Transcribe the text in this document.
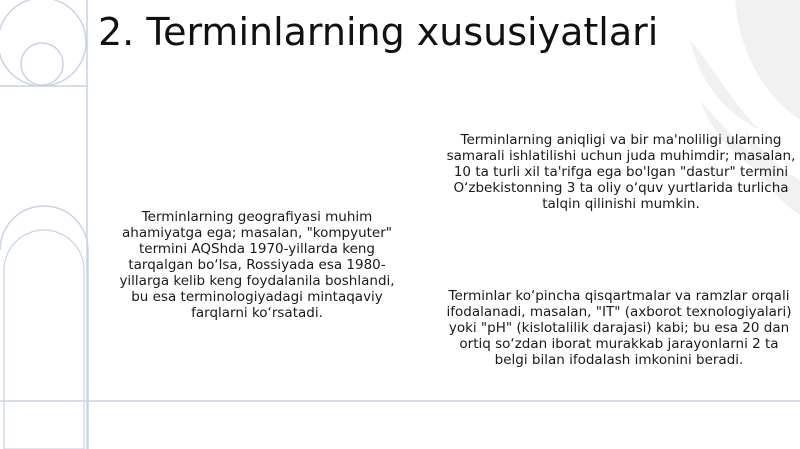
2. Terminlarning xususiyatlari

Terminlarning geografiyasi muhim ahamiyatga ega; masalan, "kompyuter" termini AQShda 1970-yillarda keng tarqalgan bo‘lsa, Rossiyada esa 1980-yillarga kelib keng foydalanila boshlandi, bu esa terminologiyadagi mintaqaviy farqlarni ko‘rsatadi.

Terminlarning aniqligi va bir ma'noliligi ularning samarali ishlatilishi uchun juda muhimdir; masalan, 10 ta turli xil ta'rifga ega bo'lgan "dastur" termini O‘zbekistonning 3 ta oliy o‘quv yurtlarida turlicha talqin qilinishi mumkin.

Terminlar ko‘pincha qisqartmalar va ramzlar orqali ifodalanadi, masalan, "IT" (axborot texnologiyalari) yoki "pH" (kislotalilik darajasi) kabi; bu esa 20 dan ortiq so‘zdan iborat murakkab jarayonlarni 2 ta belgi bilan ifodalash imkonini beradi.
